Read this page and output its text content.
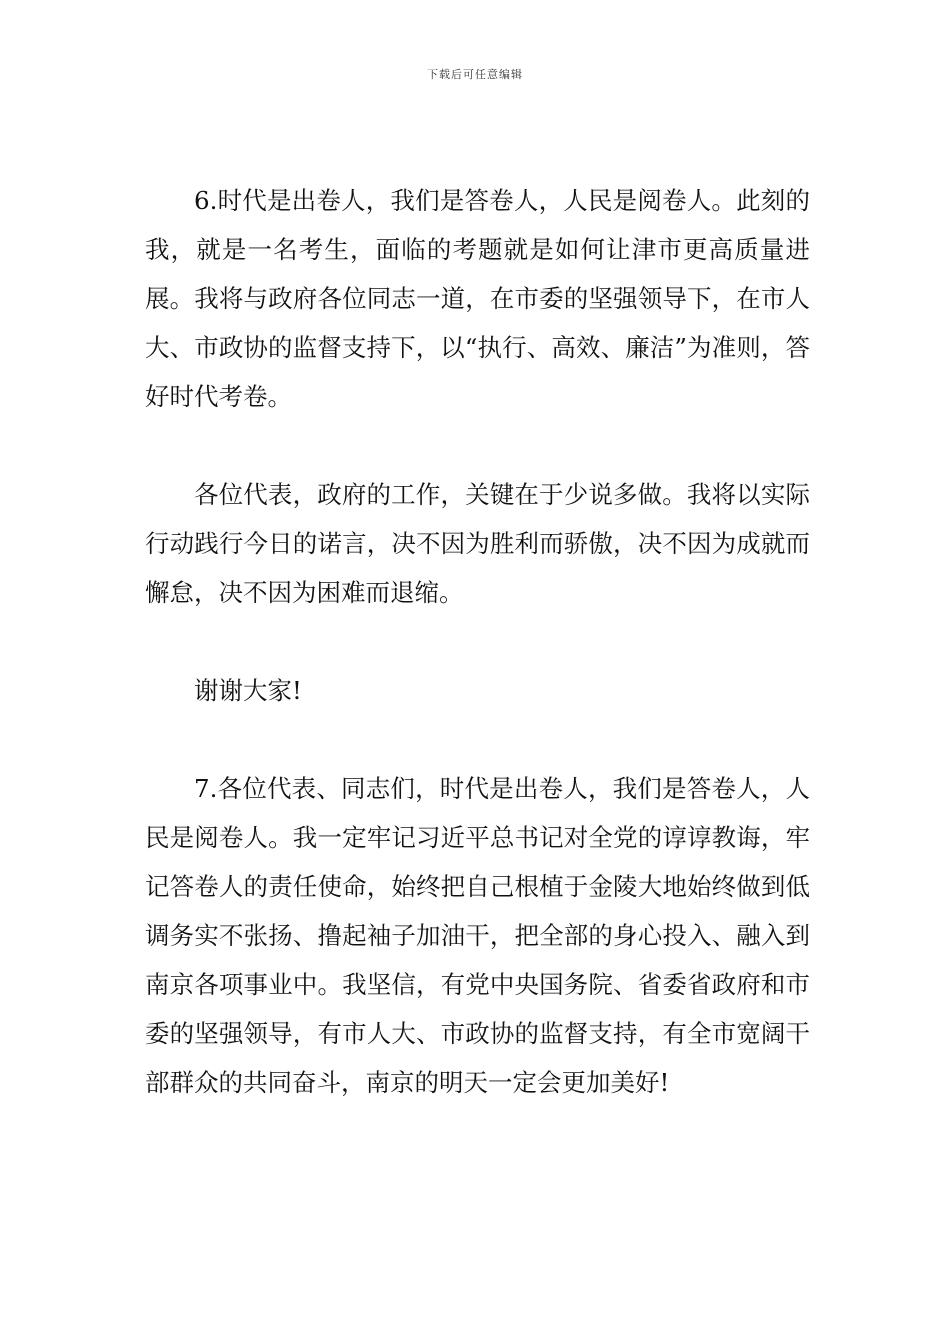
下载后可任意编辑

6.时代是出卷人，我们是答卷人，人民是阅卷人。此刻的我，就是一名考生，面临的考题就是如何让津市更高质量进展。我将与政府各位同志一道，在市委的坚强领导下，在市人大、市政协的监督支持下，以“执行、高效、廉洁”为准则，答好时代考卷。

各位代表，政府的工作，关键在于少说多做。我将以实际行动践行今日的诺言，决不因为胜利而骄傲，决不因为成就而懈怠，决不因为困难而退缩。

谢谢大家!

7.各位代表、同志们，时代是出卷人，我们是答卷人，人民是阅卷人。我一定牢记习近平总书记对全党的谆谆教诲，牢记答卷人的责任使命，始终把自己根植于金陵大地始终做到低调务实不张扬、撸起袖子加油干，把全部的身心投入、融入到南京各项事业中。我坚信，有党中央国务院、省委省政府和市委的坚强领导，有市人大、市政协的监督支持，有全市宽阔干部群众的共同奋斗，南京的明天一定会更加美好!
